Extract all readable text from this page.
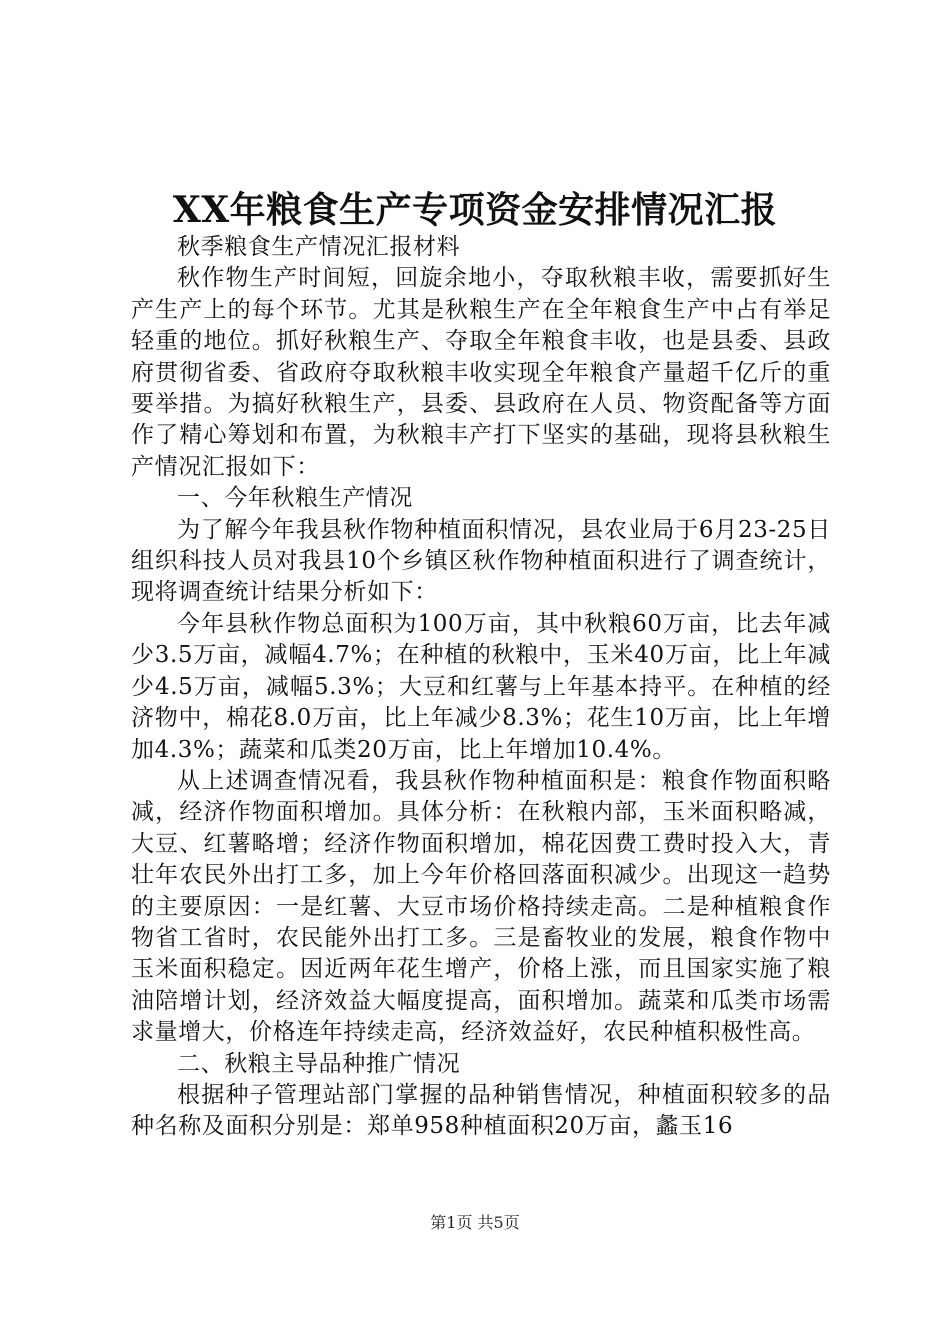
XX年粮食生产专项资金安排情况汇报

秋季粮食生产情况汇报材料

秋作物生产时间短，回旋余地小，夺取秋粮丰收，需要抓好生产生产上的每个环节。尤其是秋粮生产在全年粮食生产中占有举足轻重的地位。抓好秋粮生产、夺取全年粮食丰收，也是县委、县政府贯彻省委、省政府夺取秋粮丰收实现全年粮食产量超千亿斤的重要举措。为搞好秋粮生产，县委、县政府在人员、物资配备等方面作了精心筹划和布置，为秋粮丰产打下坚实的基础，现将县秋粮生产情况汇报如下：

一、今年秋粮生产情况

为了解今年我县秋作物种植面积情况，县农业局于6月23-25日组织科技人员对我县10个乡镇区秋作物种植面积进行了调查统计，现将调查统计结果分析如下：

今年县秋作物总面积为100万亩，其中秋粮60万亩，比去年减少3.5万亩，减幅4.7%；在种植的秋粮中，玉米40万亩，比上年减少4.5万亩，减幅5.3%；大豆和红薯与上年基本持平。在种植的经济物中，棉花8.0万亩，比上年减少8.3%；花生10万亩，比上年增加4.3%；蔬菜和瓜类20万亩，比上年增加10.4%。

从上述调查情况看，我县秋作物种植面积是：粮食作物面积略减，经济作物面积增加。具体分析：在秋粮内部，玉米面积略减，大豆、红薯略增；经济作物面积增加，棉花因费工费时投入大，青壮年农民外出打工多，加上今年价格回落面积减少。出现这一趋势的主要原因：一是红薯、大豆市场价格持续走高。二是种植粮食作物省工省时，农民能外出打工多。三是畜牧业的发展，粮食作物中玉米面积稳定。因近两年花生增产，价格上涨，而且国家实施了粮油陪增计划，经济效益大幅度提高，面积增加。蔬菜和瓜类市场需求量增大，价格连年持续走高，经济效益好，农民种植积极性高。

二、秋粮主导品种推广情况

根据种子管理站部门掌握的品种销售情况，种植面积较多的品种名称及面积分别是：郑单958种植面积20万亩，蠡玉16

第1页 共5页
